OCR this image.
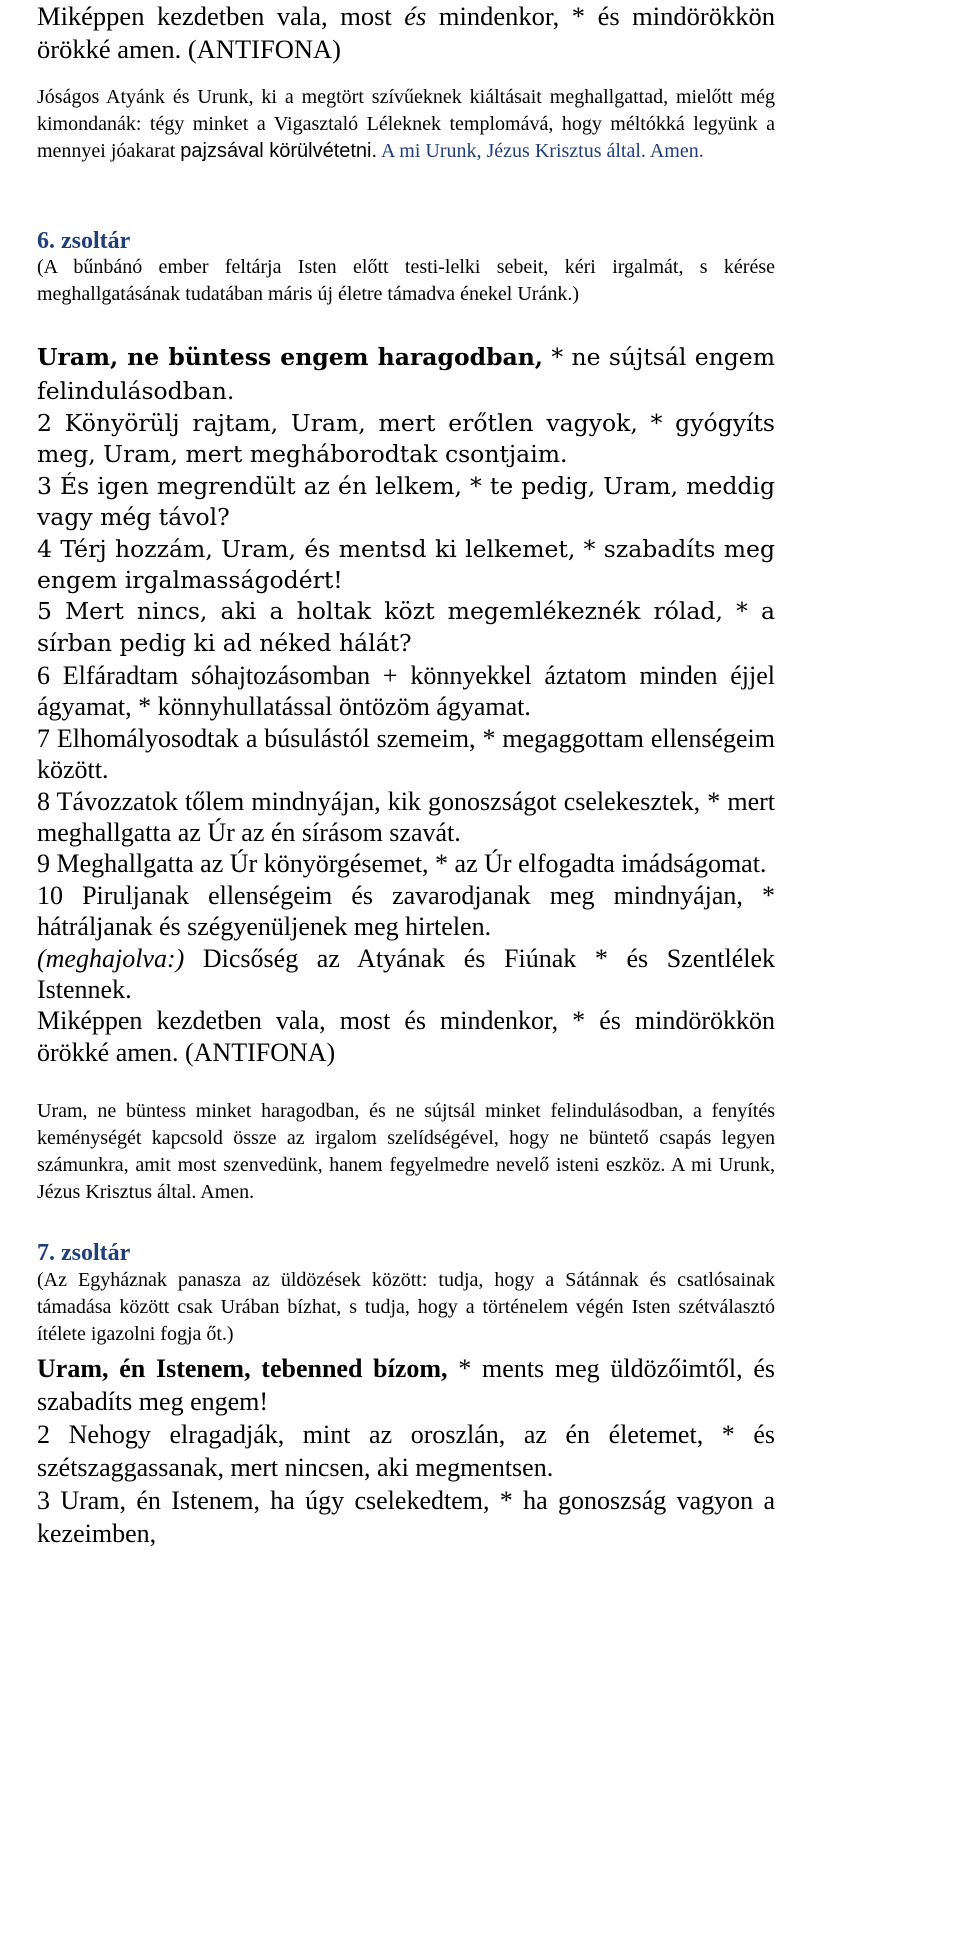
Miképpen kezdetben vala, most és mindenkor, * és mindörökkön örökké amen. (ANTIFONA)

Jóságos Atyánk és Urunk, ki a megtört szívűeknek kiáltásait meghallgattad, mielőtt még kimondanák: tégy minket a Vigasztaló Léleknek templomává, hogy méltókká legyünk a mennyei jóakarat pajzsával körülvétetni. A mi Urunk, Jézus Krisztus által. Amen.

6. zsoltár

(A bűnbánó ember feltárja Isten előtt testi-lelki sebeit, kéri irgalmát, s kérése meghallgatásának tudatában máris új életre támadva énekel Uránk.)

Uram, ne büntess engem haragodban, * ne sújtsál engem felindulásodban.

2 Könyörülj rajtam, Uram, mert erőtlen vagyok, * gyógyíts meg, Uram, mert megháborodtak csontjaim.
3 És igen megrendült az én lelkem, * te pedig, Uram, meddig vagy még távol?
4 Térj hozzám, Uram, és mentsd ki lelkemet, * szabadíts meg engem irgalmasságodért!
5 Mert nincs, aki a holtak közt megemlékeznék rólad, * a sírban pedig ki ad néked hálát?
6 Elfáradtam sóhajtozásomban + könnyekkel áztatom minden éjjel ágyamat, * könnyhullatással öntözöm ágyamat.
7 Elhomályosodtak a búsulástól szemeim, * megaggottam ellenségeim között.
8 Távozzatok tőlem mindnyájan, kik gonoszságot cselekesztek, * mert meghallgatta az Úr az én sírásom szavát.
9 Meghallgatta az Úr könyörgésemet, * az Úr elfogadta imádságomat.
10 Piruljanak ellenségeim és zavarodjanak meg mindnyájan, * hátráljanak és szégyenüljenek meg hirtelen.
(meghajolva:) Dicsőség az Atyának és Fiúnak * és Szentlélek Istennek.
Miképpen kezdetben vala, most és mindenkor, * és mindörökkön örökké amen. (ANTIFONA)

Uram, ne büntess minket haragodban, és ne sújtsál minket felindulásodban, a fenyítés keménységét kapcsold össze az irgalom szelídségével, hogy ne büntető csapás legyen számunkra, amit most szenvedünk, hanem fegyelmedre nevelő isteni eszköz. A mi Urunk, Jézus Krisztus által. Amen.

7. zsoltár

(Az Egyháznak panasza az üldözések között: tudja, hogy a Sátánnak és csatlósainak támadása között csak Urában bízhat, s tudja, hogy a történelem végén Isten szétválasztó ítélete igazolni fogja őt.)

Uram, én Istenem, tebenned bízom, * ments meg üldözőimtől, és szabadíts meg engem!

2 Nehogy elragadják, mint az oroszlán, az én életemet, * és szétszaggassanak, mert nincsen, aki megmentsen.
3 Uram, én Istenem, ha úgy cselekedtem, * ha gonoszság vagyon a kezeimben,
